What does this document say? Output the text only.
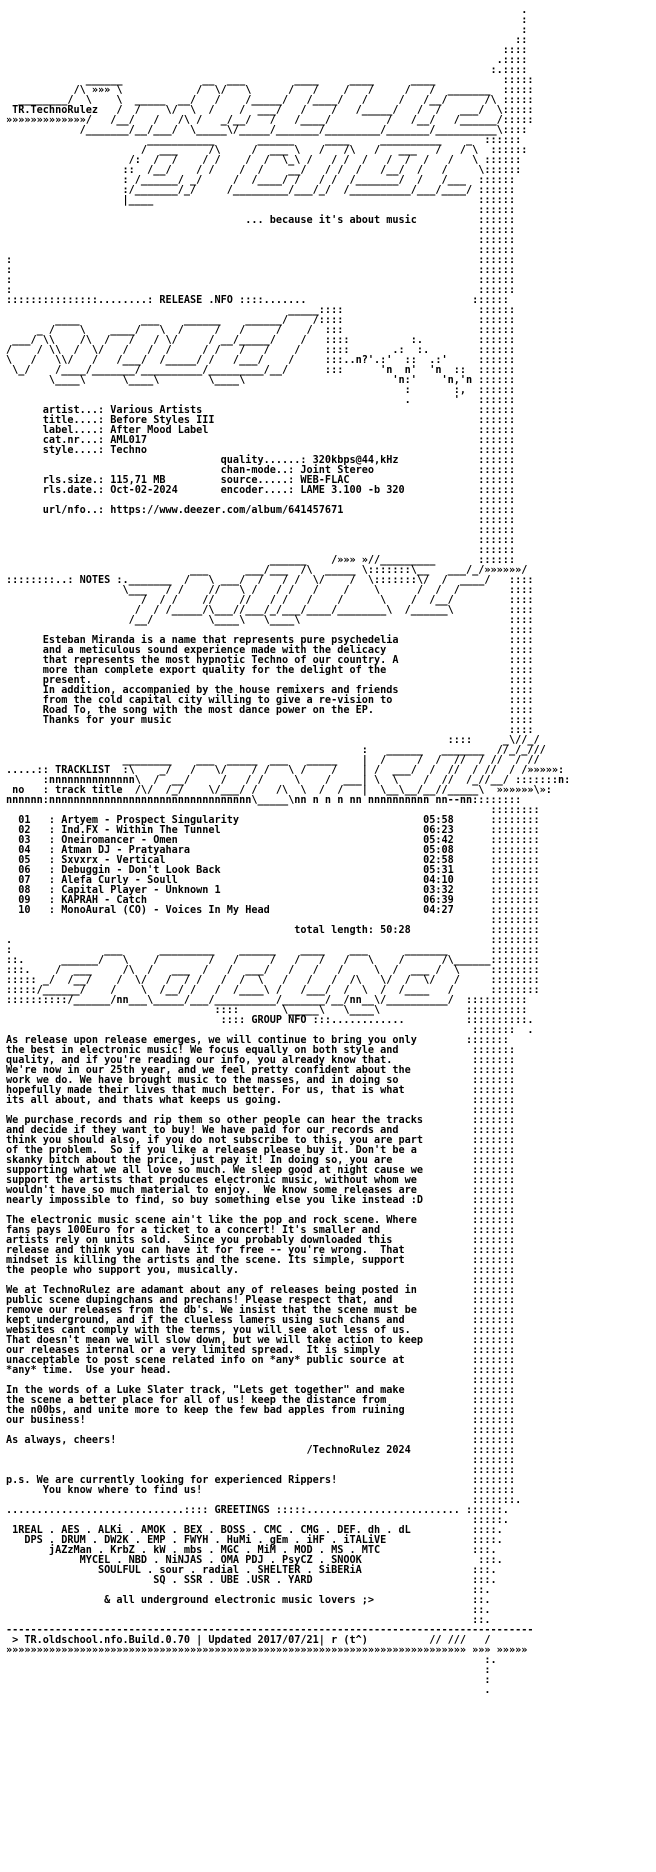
.
:
:
::
::::
.::::
:.::::
______             __  ___        ____     ____      ____           :::::
/\ »»» \            /  \/   \      /   /    /   /     /   /  _______  :::::
________/  \    \  _____  __/   /    /_____/   /____/   /     /   /__/      /\ :::::
TR.TechnoRulez   /  /    \/  \  /    /  ___/   /    /   /_____/   /  /   ___/  \:::::
»»»»»»»»»»»»»/   /__/   /   /\ /   _/__/   /   /____/         /   /__/   /______/:::::
/_______/__/___/  \_____\/_____/_______/_________/_______/__________\::::
___________       ______     ____     __________    _  ::::::
/  ___     /\     /  ___ \   /   /\   /   ___   /   / \  ::::::
/:  /  /    / /    /  /  \_\ /   / /  /   /  /  /   /   \ ::::::
::  /__/    / /    /  /    __/   / /  /   /__/  /   /     \::::::
: /______/ _/     /  /____/ /   / /  /_______/  /   /___  ::::::
:/_______/_/     /_________/___/_/  /__________/___/____/ ::::::
|____                                                     ::::::
::::::
... because it's about music          ::::::
::::::
::::::
::::::
:                                                                            ::::::
:                                                                            ::::::
:                                                                            ::::::
:                                                                            ::::::
:::::::::::::::........: RELEASE .NFO ::::.......                           ::::::
_____::::                      ::::::
____          ___    ______    ______/    /::::                      ::::::
_ /    \    ____/   \  /     /   /     /    /  :::                      ::::::
___/ \\    /\  /   /   / \/     / __/_____/    /   ::::          :.         ::::::
/    / \\  /  \/   /   /  /     / /   /   /    /    ::::       .:  :.        ::::::
\   /   \\/   /   /___/  /_____/ /   /___/    /     :::..n?'.:'  ::  .:'     ::::::
\_/    /____/_______/__________/_________/__/      :::      'n  n'  'n  ::  ::::::
\____\      \____\        \____\                        'n:'    'n,'n ::::::
:       :,  ::::::
.       '   ::::::
artist...: Various Artists                                             ::::::
title....: Before Styles III                                           ::::::
label....: After Mood Label                                            ::::::
cat.nr...: AML017                                                      ::::::
style....: Techno                                                      ::::::
quality......: 320kbps@44,kHz             ::::::
chan-mode..: Joint Stereo                 ::::::
rls.size.: 115,71 MB         source.....: WEB-FLAC                     ::::::
rls.date.: Oct-02-2024       encoder....: LAME 3.100 -b 320            ::::::
::::::
url/nfo..: https://www.deezer.com/album/641457671                      ::::::
::::::
::::::
::::::
::::::
______    /»»» »//_________       ::::::
___      ___/___  /\  _____ \:::::::\__   ___/_/»»»»»»/
::::::::..: NOTES :._______  /   \ ___/  /   / /  \/    /  \:::::::\/  /  ____/   ::::
\___   / /    //   \ /   / /   /    /    \      /  /  /        ::::
/  / /    //    //   / /   /    /      \    /  /__/         ::::
/  / /_____/\___//___/_/___/____/________\  /______\         ::::
/__/         \____\   \____\                                  ::::
::::
Esteban Miranda is a name that represents pure psychedelia                  ::::
and a meticulous sound experience made with the delicacy                    ::::
that represents the most hypnotic Techno of our country. A                  ::::
more than complete export quality for the delight of the                    ::::
present.                                                                    ::::
In addition, accompanied by the house remixers and friends                  ::::
from the cold capital city willing to give a re-vision to                   ::::
Road To, the song with the most dance power on the EP.                      ::::
Thanks for your music                                                       ::::
::::
::::     _\//_/
:   ______   _______  //_/_///
________    ___  _____  ___   _____    |  /     /  /  //  / //  / //
.....:: TRACKLIST  :\    _/   /   \/    / /   \ /    /    | /  ___/  /  //  / //  / /»»»»»:
:nnnnnnnnnnnnnn\  /  __/     /   / /     \    /  ___| \  \    /  //  /_//__/ :::::::n:
no   : track title  /\/  /_/    \/___/ /   /\  \  /  /   |  \__\__/__//_____\  »»»»»»\»:
nnnnnn:nnnnnnnnnnnnnnnnnnnnnnnnnnnnnnnnn\_____\nn n n n nn nnnnnnnnnn nn--nn::::::::
::::::::
01   : Artyem - Prospect Singularity                              05:58      ::::::::
02   : Ind.FX - Within The Tunnel                                 06:23      ::::::::
03   : Oneiromancer - Omen                                        05:42      ::::::::
04   : Atman DJ - Pratyahara                                      05:08      ::::::::
05   : Sxvxrx - Vertical                                          02:58      ::::::::
06   : Debuggin - Don't Look Back                                 05:31      ::::::::
07   : Alefa Curly - Soull                                        04:10      ::::::::
08   : Capital Player - Unknown 1                                 03:32      ::::::::
09   : KAPRAH - Catch                                             06:39      ::::::::
10   : MonoAural (CO) - Voices In My Head                         04:27      ::::::::
::::::::
total length: 50:28             ::::::::
.                                                                              ::::::::
:               ___      _________    ______    ____    ___      _______       ::::::::
::.      ______/   \    /        /   /     /   /   /   /   \    /      /\______::::::::
:::.    /  ___     /\  /   ___  /   /  ___/   /   /   /     \  /  ___ /  \     ::::::::
::::: _/  /__/    /  \/   /  / /   /  /  \   /   /   /  /\   \/  /  \/   /     ::::::::
:::::/______/    /    \  /__/ /   /  /____\ /   /___/  /  \  /  /____   /      ::::::::
::::::::::/______/nn___\_____/___/__________/_______/__/nn__\/__________/  ::::::::::
::::       \_____\   \____\              ::::::::::
:::: GROUP NFO :::............          ::::::::::.
:::::::  .
As release upon release emerges, we will continue to bring you only        :::::::
the best in electronic music! We focus equally on both style and            :::::::
quality, and if you're reading our info, you already know that.             :::::::
We're now in our 25th year, and we feel pretty confident about the          :::::::
work we do. We have brought music to the masses, and in doing so            :::::::
hopefully made their lives that much better. For us, that is what           :::::::
its all about, and thats what keeps us going.                               :::::::
:::::::
We purchase records and rip them so other people can hear the tracks        :::::::
and decide if they want to buy! We have paid for our records and            :::::::
think you should also, if you do not subscribe to this, you are part        :::::::
of the problem.  So if you like a release please buy it. Don't be a         :::::::
skanky bitch about the price, just pay it! In doing so, you are             :::::::
supporting what we all love so much. We sleep good at night cause we        :::::::
support the artists that produces electronic music, without whom we         :::::::
wouldn't have so much material to enjoy.  We know some releases are         :::::::
nearly impossible to find, so buy something else you like instead :D        :::::::
:::::::
The electronic music scene ain't like the pop and rock scene. Where         :::::::
fans pays 100Euro for a ticket to a concert! It's smaller and               :::::::
artists rely on units sold.  Since you probably downloaded this             :::::::
release and think you can have it for free -- you're wrong.  That           :::::::
mindset is killing the artists and the scene. Its simple, support           :::::::
the people who support you, musically.                                      :::::::
:::::::
We at TechnoRulez are adamant about any of releases being posted in         :::::::
public scene dupingchans and prechans! Please respect that, and             :::::::
remove our releases from the db's. We insist that the scene must be         :::::::
kept underground, and if the clueless lamers using such chans and           :::::::
websites cant comply with the terms, you will see alot less of us.          :::::::
That doesn't mean we will slow down, but we will take action to keep        :::::::
our releases internal or a very limited spread.  It is simply               :::::::
unacceptable to post scene related info on *any* public source at           :::::::
*any* time.  Use your head.                                                 :::::::
:::::::
In the words of a Luke Slater track, "Lets get together" and make           :::::::
the scene a better place for all of us! keep the distance from              :::::::
the n00bs, and unite more to keep the few bad apples from ruining           :::::::
our business!                                                               :::::::
:::::::
As always, cheers!                                                          :::::::
/TechnoRulez 2024          :::::::
:::::::
:::::::
p.s. We are currently looking for experienced Rippers!                      :::::::
You know where to find us!                                            :::::::
:::::::.
.............................:::: GREETINGS :::::......................... ::::::.
:::::.
1REAL . AES . ALKi . AMOK . BEX . BOSS . CMC . CMG . DEF. dh . dL          ::::.
DPS . DRUM . DW2K . EMP . FWYH . HuMi . gEm . iHF . iTALiVE              ::::.
jAZzMan . KrbZ . kW . mbs . MGC . MiM . MOD . MS . MTC               :::.
MYCEL . NBD . NiNJAS . OMA PDJ . PsyCZ . SNOOK                   :::.
SOULFUL . sour . radial . SHELTER . SiBERiA                  :::.
SQ . SSR . UBE .USR . YARD                          :::.
::.
& all underground electronic music lovers ;>                ::.
::.
::.
--------------------------------------------------------------------------------------
> TR.oldschool.nfo.Build.0.70 | Updated 2017/07/21| r (t^)          // ///   /
»»»»»»»»»»»»»»»»»»»»»»»»»»»»»»»»»»»»»»»»»»»»»»»»»»»»»»»»»»»»»»»»»»»»»»»»»»» »»» »»»»»
:.
:
:
.
